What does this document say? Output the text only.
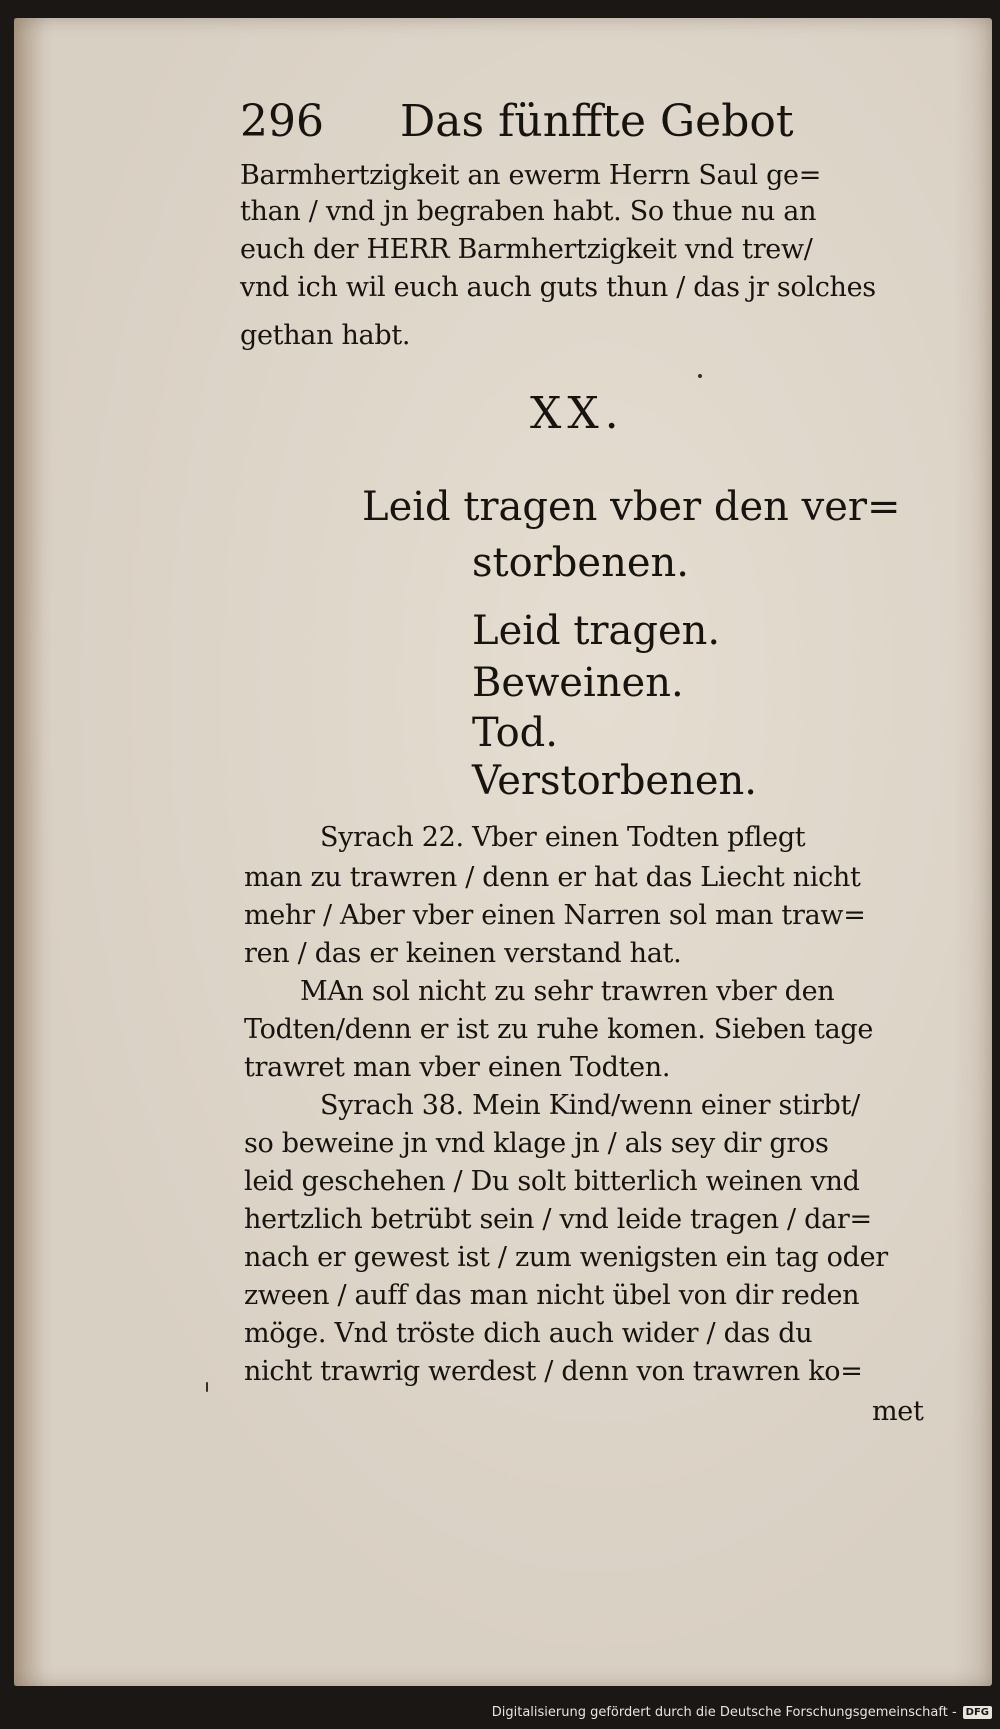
296 Das fünffte Gebot
Barmhertzigkeit an ewerm Herrn Saul ge=
than / vnd jn begraben habt. So thue nu an
euch der HERR Barmhertzigkeit vnd trew/
vnd ich wil euch auch guts thun / das jr solches
gethan habt.
XX.
Leid tragen vber den ver=
storbenen.
Leid tragen.
Beweinen.
Tod.
Verstorbenen.
Syrach 22. Vber einen Todten pflegt
man zu trawren / denn er hat das Liecht nicht
mehr / Aber vber einen Narren sol man traw=
ren / das er keinen verstand hat.
MAn sol nicht zu sehr trawren vber den
Todten/denn er ist zu ruhe komen. Sieben tage
trawret man vber einen Todten.
Syrach 38. Mein Kind/wenn einer stirbt/
so beweine jn vnd klage jn / als sey dir gros
leid geschehen / Du solt bitterlich weinen vnd
hertzlich betrübt sein / vnd leide tragen / dar=
nach er gewest ist / zum wenigsten ein tag oder
zween / auff das man nicht übel von dir reden
möge. Vnd tröste dich auch wider / das du
nicht trawrig werdest / denn von trawren ko=
met
Digitalisierung gefördert durch die Deutsche Forschungsgemeinschaft - DFG
